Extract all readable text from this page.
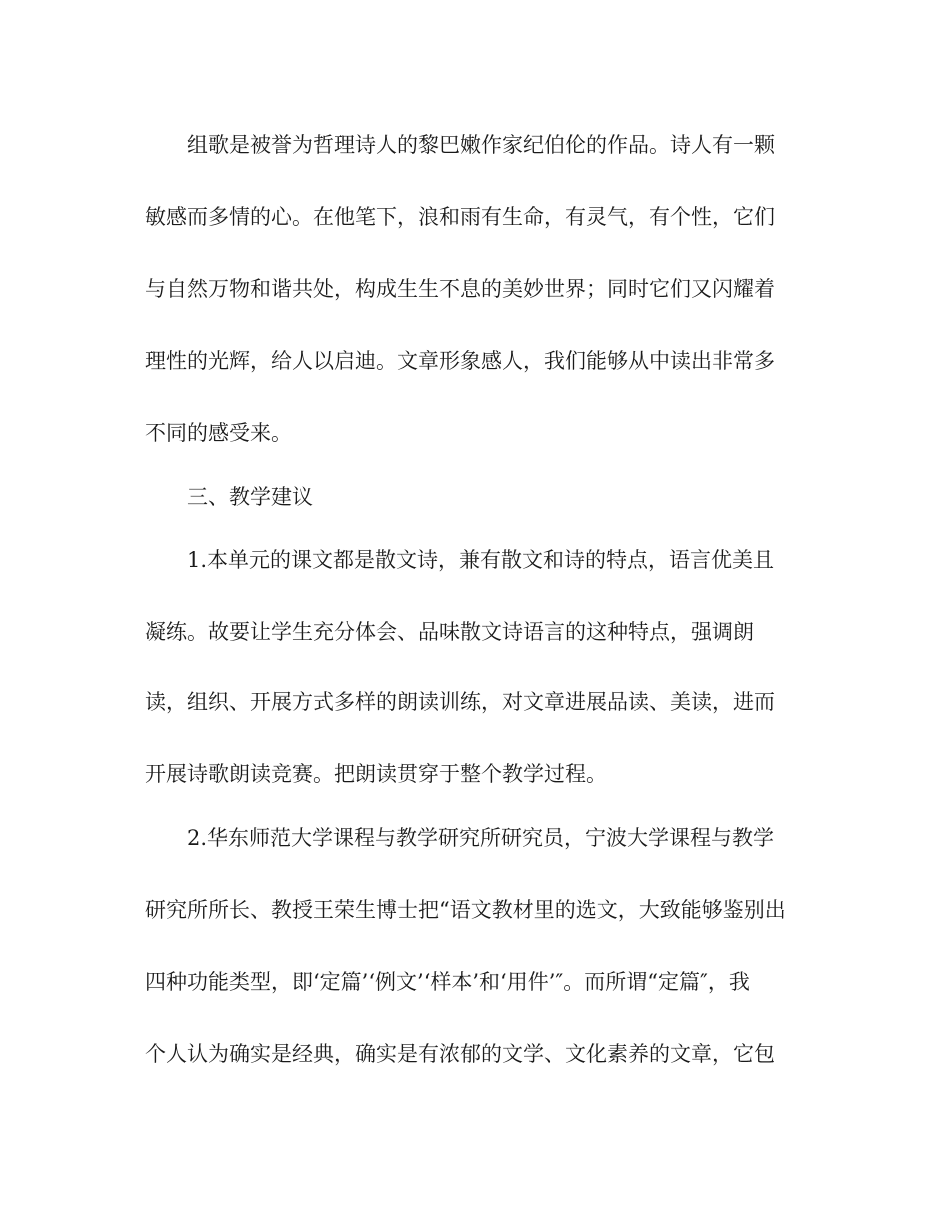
组歌是被誉为哲理诗人的黎巴嫩作家纪伯伦的作品。诗人有一颗
敏感而多情的心。在他笔下，浪和雨有生命，有灵气，有个性，它们
与自然万物和谐共处，构成生生不息的美妙世界；同时它们又闪耀着
理性的光辉，给人以启迪。文章形象感人，我们能够从中读出非常多
不同的感受来。
三、教学建议
1.本单元的课文都是散文诗，兼有散文和诗的特点，语言优美且
凝练。故要让学生充分体会、品味散文诗语言的这种特点，强调朗
读，组织、开展方式多样的朗读训练，对文章进展品读、美读，进而
开展诗歌朗读竞赛。把朗读贯穿于整个教学过程。
2.华东师范大学课程与教学研究所研究员，宁波大学课程与教学
研究所所长、教授王荣生博士把“语文教材里的选文，大致能够鉴别出
四种功能类型，即‘定篇’‘例文’‘样本’和‘用件’″。而所谓“定篇″，我
个人认为确实是经典，确实是有浓郁的文学、文化素养的文章，它包
